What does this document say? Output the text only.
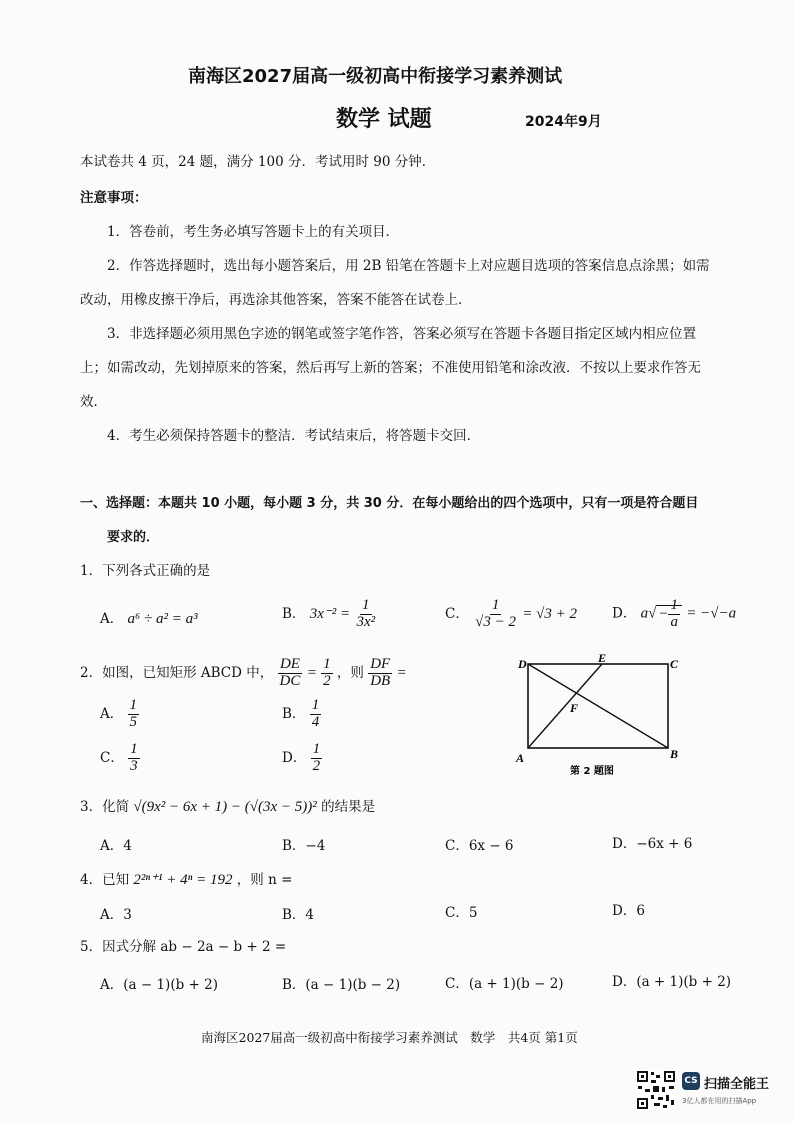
南海区2027届高一级初高中衔接学习素养测试
数学 试题	2024年9月
本试卷共 4 页，24 题，满分 100 分．考试用时 90 分钟．
注意事项：
1．答卷前，考生务必填写答题卡上的有关项目．
2．作答选择题时，选出每小题答案后，用 2B 铅笔在答题卡上对应题目选项的答案信息点涂黑；如需
改动，用橡皮擦干净后，再选涂其他答案，答案不能答在试卷上．
3．非选择题必须用黑色字迹的钢笔或签字笔作答，答案必须写在答题卡各题目指定区域内相应位置
上；如需改动，先划掉原来的答案，然后再写上新的答案；不准使用铅笔和涂改液．不按以上要求作答无
效．
4．考生必须保持答题卡的整洁．考试结束后，将答题卡交回．
一、选择题：本题共 10 小题，每小题 3 分，共 30 分．在每小题给出的四个选项中，只有一项是符合题目
要求的．
1．下列各式正确的是
A． a⁶ ÷ a² = a³	B． $3x^{-2} = \frac{1}{\text{3x²}}$	C． $\frac{1}{√3 - 2} = √3 + 2$	D． $a√ - \frac{1}{a} = -√-a$
2．如图，已知矩形 ABCD 中， $\frac{DE}{DC} = \frac{1}{2}$ ，则 $\frac{DF}{DB}$ =
A． $\frac{1}{5}$	B． $\frac{1}{4}$
C． $\frac{1}{3}$	D． $\frac{1}{2}$
D	E	C
F
A	B
第 2 题图
3．化简 √(9x² − 6x + 1) − (√(3x − 5))² 的结果是
A．4	B．−4	C．6x − 6	D．−6x + 6
4．已知 2²ⁿ⁺¹ + 4ⁿ = 192 ，则 n =
A．3	B．4	C．5	D．6
5．因式分解 ab − 2a − b + 2 =
A．(a − 1)(b + 2)	B．(a − 1)(b − 2)	C．(a + 1)(b − 2)	D．(a + 1)(b + 2)
南海区2027届高一级初高中衔接学习素养测试　数学　共4页 第1页
CS 扫描全能王
3亿人都在用的扫描App
